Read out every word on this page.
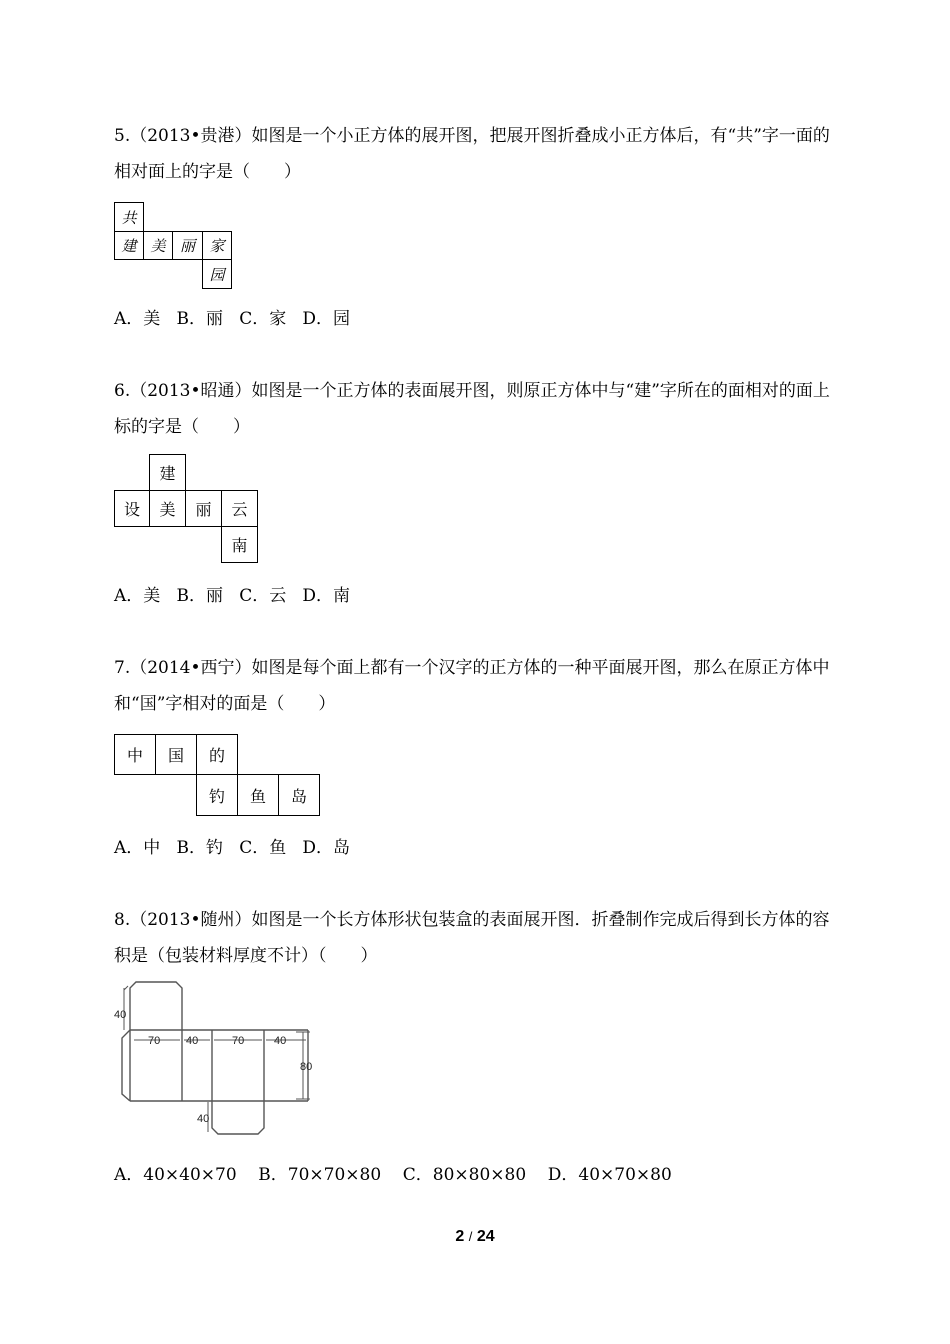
5.（2013•贵港）如图是一个小正方体的展开图，把展开图折叠成小正方体后，有“共”字一面的相对面上的字是（　　）

共
建 美 丽 家
园
A．美   B．丽   C．家   D．园

6.（2013•昭通）如图是一个正方体的表面展开图，则原正方体中与“建”字所在的面相对的面上标的字是（　　）

建
设	美	丽	云
南
A．美   B．丽   C．云   D．南

7.（2014•西宁）如图是每个面上都有一个汉字的正方体的一种平面展开图，那么在原正方体中和“国”字相对的面是（　　）

中	国	的
钓	鱼	岛
A．中   B．钓   C．鱼   D．岛

8.（2013•随州）如图是一个长方体形状包装盒的表面展开图．折叠制作完成后得到长方体的容积是（包装材料厚度不计）（　　）

40
70 40	70	40
80
40
A．40×40×70    B．70×70×80    C．80×80×80    D．40×70×80
2 / 24
